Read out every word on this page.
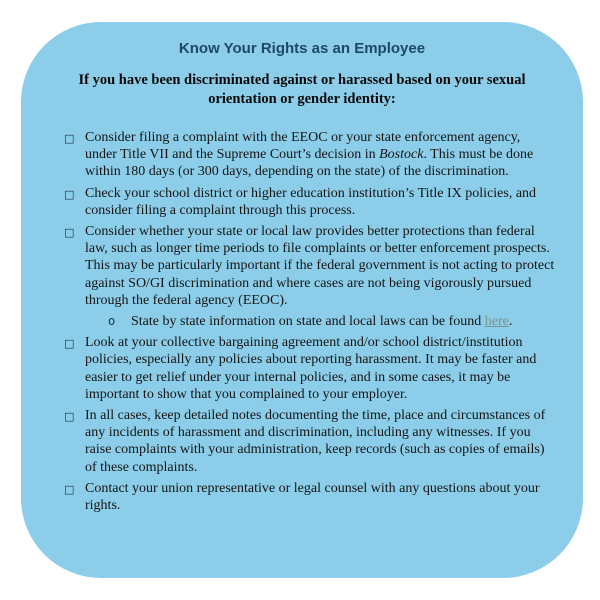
Know Your Rights as an Employee
If you have been discriminated against or harassed based on your sexual orientation or gender identity:
□ Consider filing a complaint with the EEOC or your state enforcement agency, under Title VII and the Supreme Court’s decision in Bostock. This must be done within 180 days (or 300 days, depending on the state) of the discrimination.
□ Check your school district or higher education institution’s Title IX policies, and consider filing a complaint through this process.
□ Consider whether your state or local law provides better protections than federal law, such as longer time periods to file complaints or better enforcement prospects. This may be particularly important if the federal government is not acting to protect against SO/GI discrimination and where cases are not being vigorously pursued through the federal agency (EEOC).
o State by state information on state and local laws can be found here.
□ Look at your collective bargaining agreement and/or school district/institution policies, especially any policies about reporting harassment. It may be faster and easier to get relief under your internal policies, and in some cases, it may be important to show that you complained to your employer.
□ In all cases, keep detailed notes documenting the time, place and circumstances of any incidents of harassment and discrimination, including any witnesses. If you raise complaints with your administration, keep records (such as copies of emails) of these complaints.
□ Contact your union representative or legal counsel with any questions about your rights.
